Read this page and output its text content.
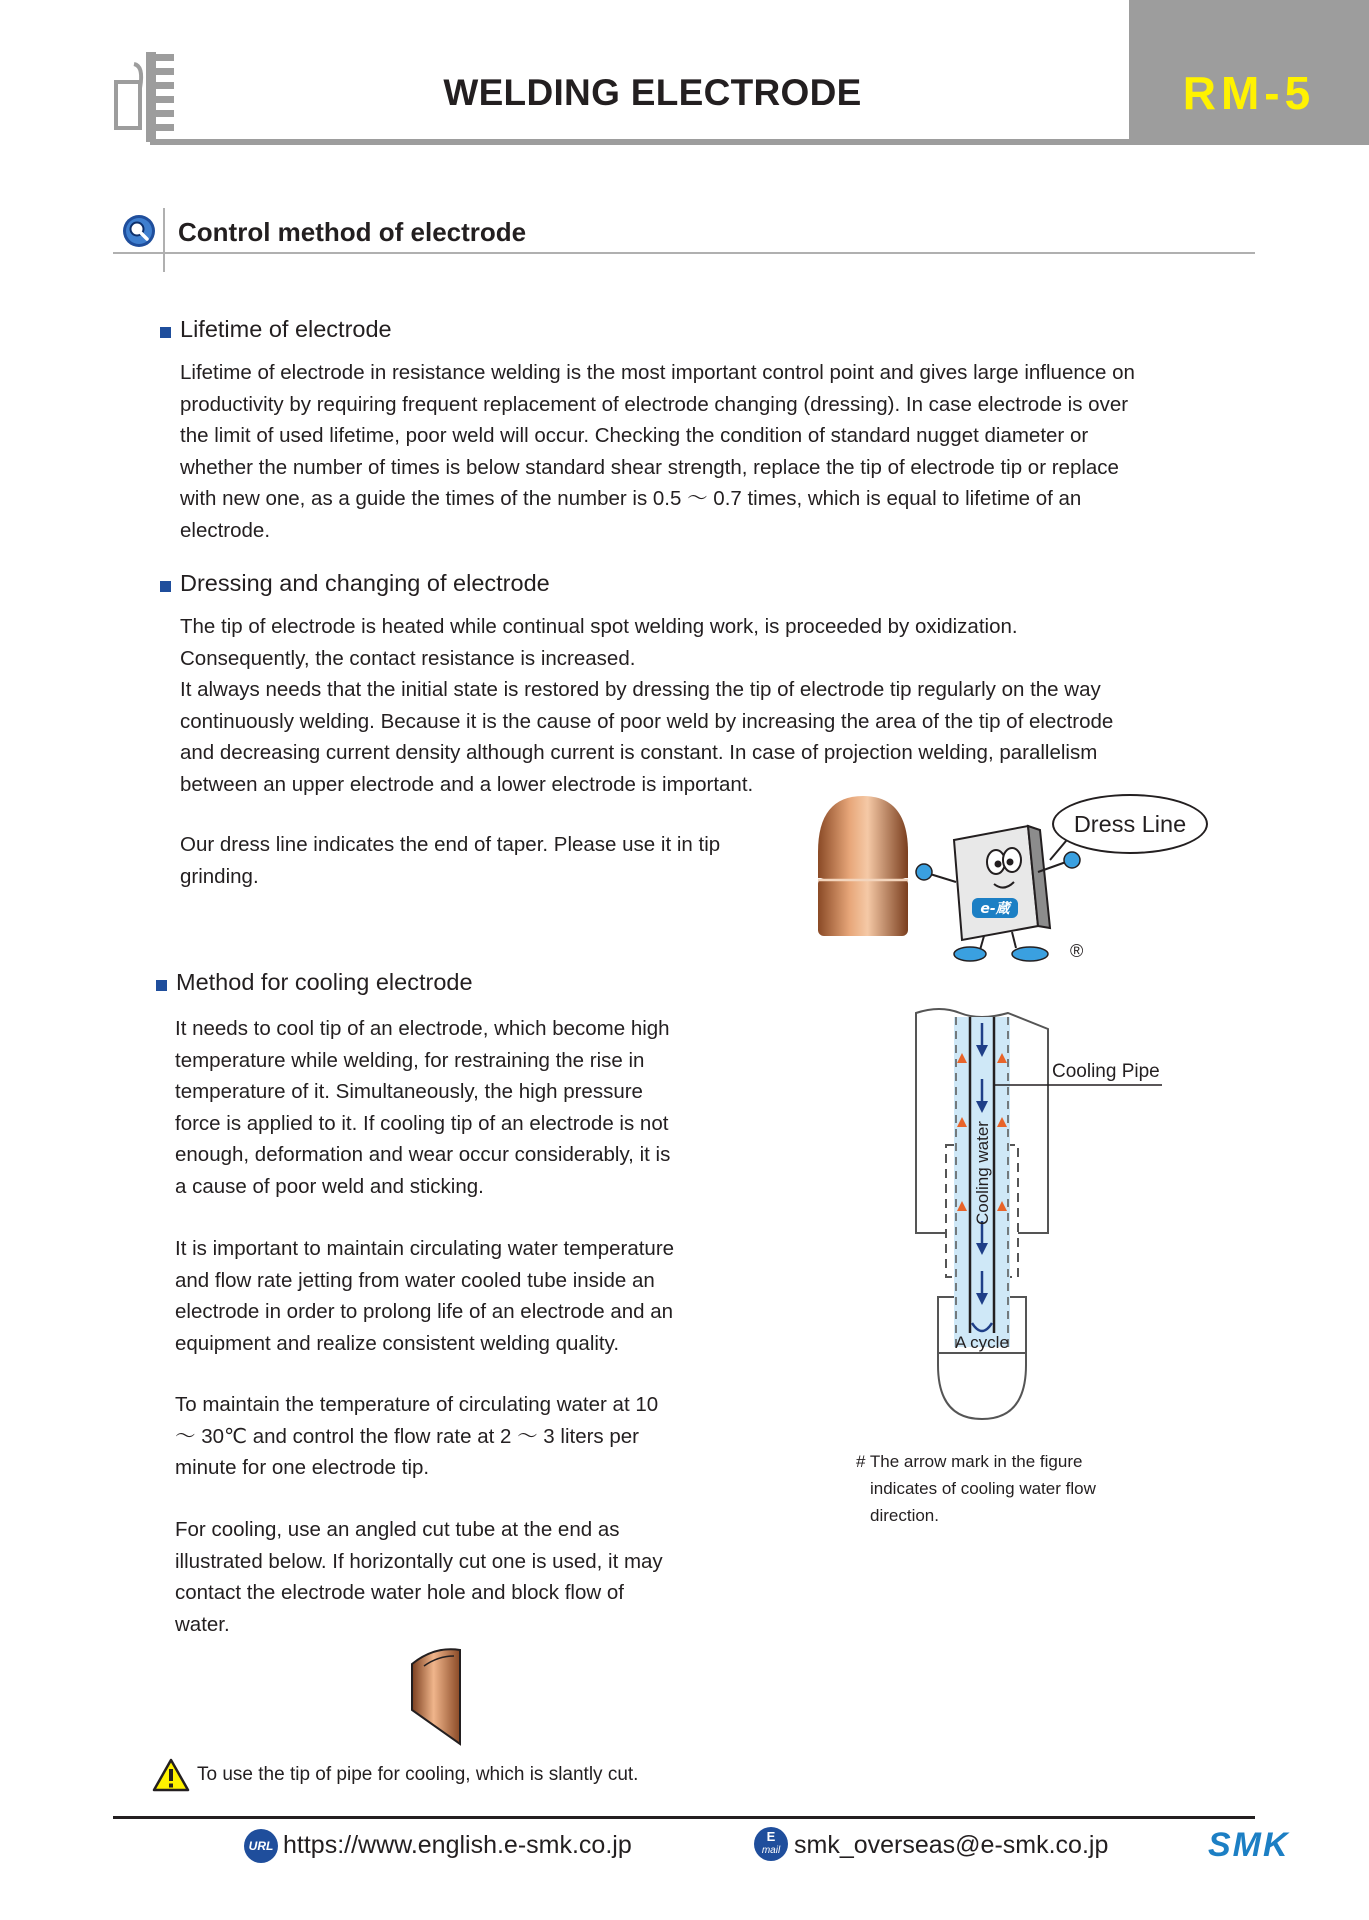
WELDING ELECTRODE	RM-5
Control method of electrode
Lifetime of electrode

Lifetime of electrode in resistance welding is the most important control point and gives large influence on

productivity by requiring frequent replacement of electrode changing (dressing). In case electrode is over

the limit of used lifetime, poor weld will occur. Checking the condition of standard nugget diameter or

whether the number of times is below standard shear strength, replace the tip of electrode tip or replace

with new one, as a guide the times of the number is 0.5 ～ 0.7 times, which is equal to lifetime of an

electrode.

Dressing and changing of electrode

The tip of electrode is heated while continual spot welding work, is proceeded by oxidization.

Consequently, the contact resistance is increased.

It always needs that the initial state is restored by dressing the tip of electrode tip regularly on the way

continuously welding. Because it is the cause of poor weld by increasing the area of the tip of electrode

and decreasing current density although current is constant. In case of projection welding, parallelism

between an upper electrode and a lower electrode is important.

Our dress line indicates the end of taper. Please use it in tip

grinding.

e-蔵
Dress Line
®
Method for cooling electrode

It needs to cool tip of an electrode, which become high

temperature while welding, for restraining the rise in

temperature of it. Simultaneously, the high pressure

force is applied to it. If cooling tip of an electrode is not

enough, deformation and wear occur considerably, it is

a cause of poor weld and sticking.

It is important to maintain circulating water temperature

and flow rate jetting from water cooled tube inside an

electrode in order to prolong life of an electrode and an

equipment and realize consistent welding quality.

To maintain the temperature of circulating water at 10

～ 30℃ and control the flow rate at 2 ～ 3 liters per

minute for one electrode tip.

For cooling, use an angled cut tube at the end as

illustrated below. If horizontally cut one is used, it may

contact the electrode water hole and block flow of

water.

Cooling Pipe
Cooling water
A cycle
# The arrow mark in the figure
indicates of cooling water flow
direction.
To use the tip of pipe for cooling, which is slantly cut.
URL https://www.english.e-smk.co.jp	E
mail smk_overseas@e-smk.co.jp	SMK
